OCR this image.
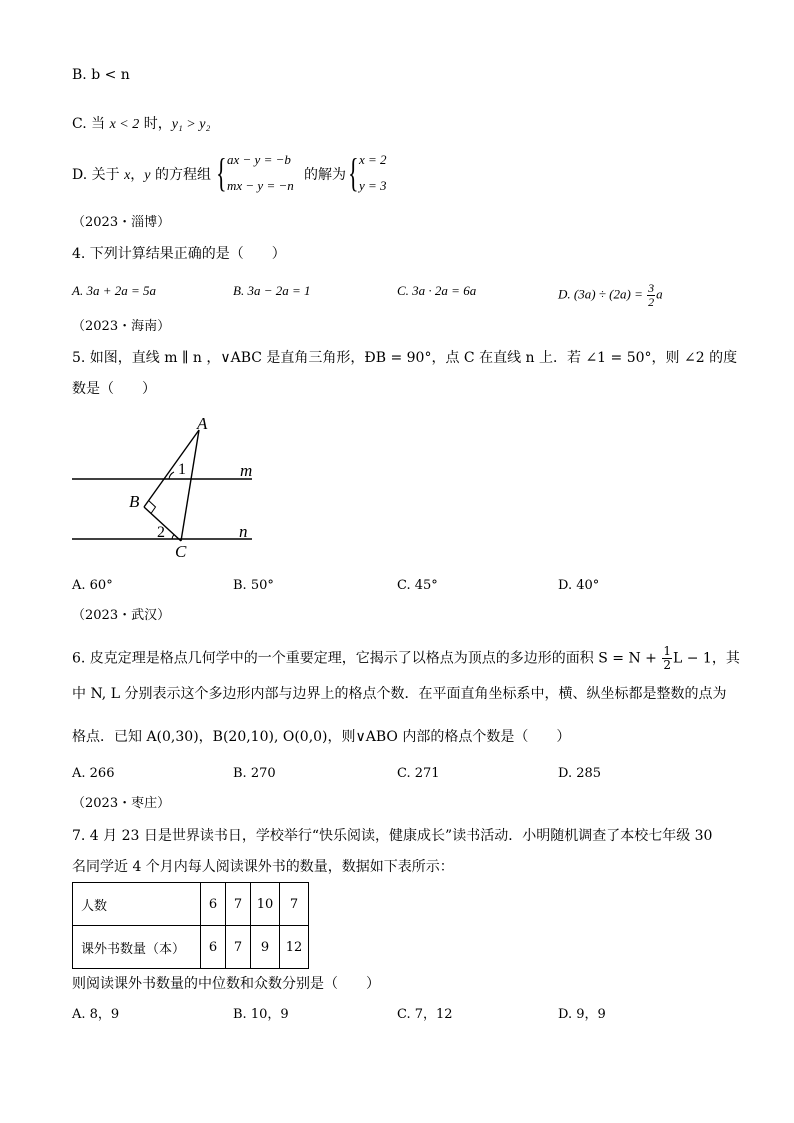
B. b < n
C. 当 x < 2 时，y₁ > y₂
D. 关于 x，y 的方程组 { ax − y = −b
mx − y = −n
的解为 { x = 2
y = 3
（2023・淄博）
4. 下列计算结果正确的是（　　）
A. 3a + 2a = 5a	B. 3a − 2a = 1	C. 3a · 2a = 6a	D. $(3a) \div (2a) = \frac{3}{2}$ a
（2023・海南）
5. 如图，直线 m ∥ n ，∨ABC 是直角三角形，ÐB = 90°，点 C 在直线 n 上．若 ∠1 = 50°，则 ∠2 的度
数是（　　）
A
B
C
m
n
1
2
A. 60°	B. 50°	C. 45°	D. 40°
（2023・武汉）
6. 皮克定理是格点几何学中的一个重要定理，它揭示了以格点为顶点的多边形的面积 $S = N + \frac{1}{2}$ L − 1，其
中 N, L 分别表示这个多边形内部与边界上的格点个数．在平面直角坐标系中，横、纵坐标都是整数的点为
格点．已知 A(0,30)，B(20,10), O(0,0)，则∨ABO 内部的格点个数是（　　）
A. 266	B. 270	C. 271	D. 285
（2023・枣庄）
7. 4 月 23 日是世界读书日，学校举行“快乐阅读，健康成长”读书活动．小明随机调查了本校七年级 30
名同学近 4 个月内每人阅读课外书的数量，数据如下表所示：
人数	6	7	10	7
课外书数量（本）	6	7	9	12
则阅读课外书数量的中位数和众数分别是（　　）
A. 8，9	B. 10，9	C. 7，12	D. 9，9
